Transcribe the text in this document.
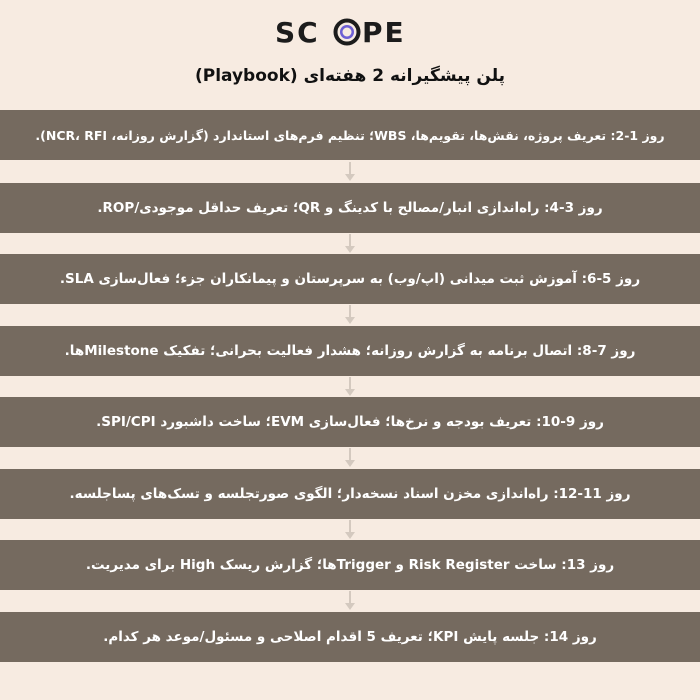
SC PE
پلن پیشگیرانه 2 هفته‌ای (Playbook)
روز 1-2: تعریف پروژه، نقش‌ها، تقویم‌ها، WBS؛ تنظیم فرم‌های استاندارد (گزارش روزانه، NCR، RFI).
روز 3-4: راه‌اندازی انبار/مصالح با کدینگ و QR؛ تعریف حداقل موجودی/ROP.
روز 5-6: آموزش ثبت میدانی (اپ/وب) به سرپرستان و پیمانکاران جزء؛ فعال‌سازی SLA.
روز 7-8: اتصال برنامه به گزارش روزانه؛ هشدار فعالیت بحرانی؛ تفکیک Milestoneها.
روز 9-10: تعریف بودجه و نرخ‌ها؛ فعال‌سازی EVM؛ ساخت داشبورد SPI/CPI.
روز 11-12: راه‌اندازی مخزن اسناد نسخه‌دار؛ الگوی صورتجلسه و تسک‌های پساجلسه.
روز 13: ساخت Risk Register و Triggerها؛ گزارش ریسک High برای مدیریت.
روز 14: جلسه پایش KPI؛ تعریف 5 اقدام اصلاحی و مسئول/موعد هر کدام.
